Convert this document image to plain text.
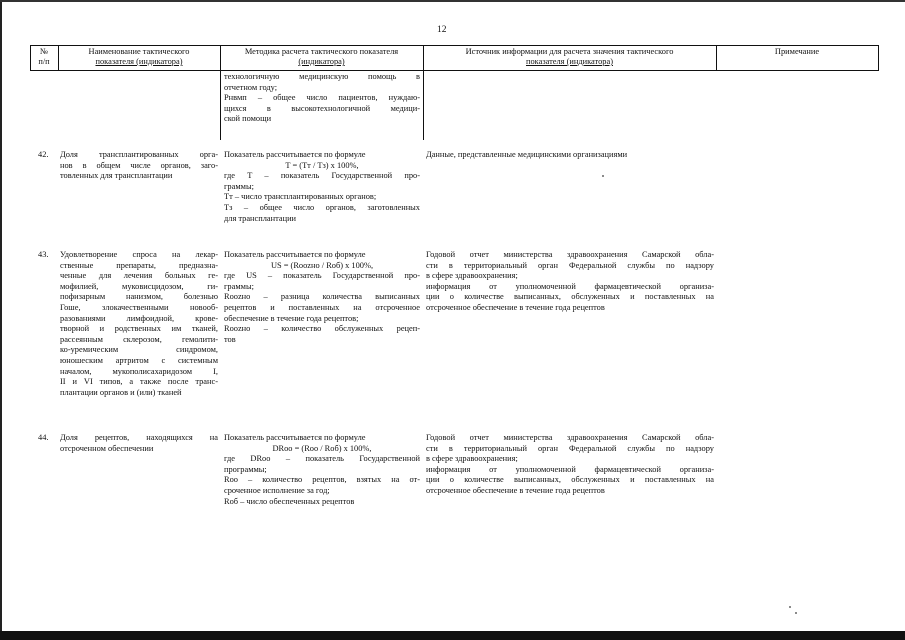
12
№
п/п
Наименование тактического
показателя (индикатора)
Методика расчета тактического показателя
(индикатора)
Источник информации для расчета значения тактического
показателя (индикатора)
Примечание
технологичную медицинскую помощь в
отчетном году;
Pнвмп – общее число пациентов, нуждаю-
щихся в высокотехнологичной медици-
ской помощи
42. Доля трансплантированных орга-
нов в общем числе органов, заго-
товленных для трансплантации
Показатель рассчитывается по формуле
T = (Tт / Tз) x 100%,
где T – показатель Государственной про-
граммы;
Tт – число трансплантированных органов;
Tз – общее число органов, заготовленных
для трансплантации
Данные, представленные медицинскими организациями
43. Удовлетворение спроса на лекар-
ственные препараты, предназна-
ченные для лечения больных ге-
мофилией, муковисцидозом, ги-
пофизарным нанизмом, болезнью
Гоше, злокачественными новооб-
разованиями лимфоидной, крове-
творной и родственных им тканей,
рассеянным склерозом, гемолити-
ко-уремическим синдромом,
юношеским артритом с системным
началом, мукополисахаридозом I,
II и VI типов, а также после транс-
плантации органов и (или) тканей
Показатель рассчитывается по формуле
US = (Rоozно / Rоб) x 100%,
где US – показатель Государственной про-
граммы;
Rоozно – разница количества выписанных
рецептов и поставленных на отсроченное
обеспечение в течение года рецептов;
Rоozно – количество обслуженных рецеп-
тов
Годовой отчет министерства здравоохранения Самарской обла-
сти в территориальный орган Федеральной службы по надзору
в сфере здравоохранения;
информация от уполномоченной фармацевтической организа-
ции о количестве выписанных, обслуженных и поставленных на
отсроченное обеспечение в течение года рецептов
44. Доля рецептов, находящихся на
отсроченном обеспечении
Показатель рассчитывается по формуле
DRоо = (Rоо / Rоб) x 100%,
где DRоо – показатель Государственной
программы;
Rоо – количество рецептов, взятых на от-
сроченное исполнение за год;
Rоб – число обеспеченных рецептов
Годовой отчет министерства здравоохранения Самарской обла-
сти в территориальный орган Федеральной службы по надзору
в сфере здравоохранения;
информация от уполномоченной фармацевтической организа-
ции о количестве выписанных, обслуженных и поставленных на
отсроченное обеспечение в течение года рецептов
